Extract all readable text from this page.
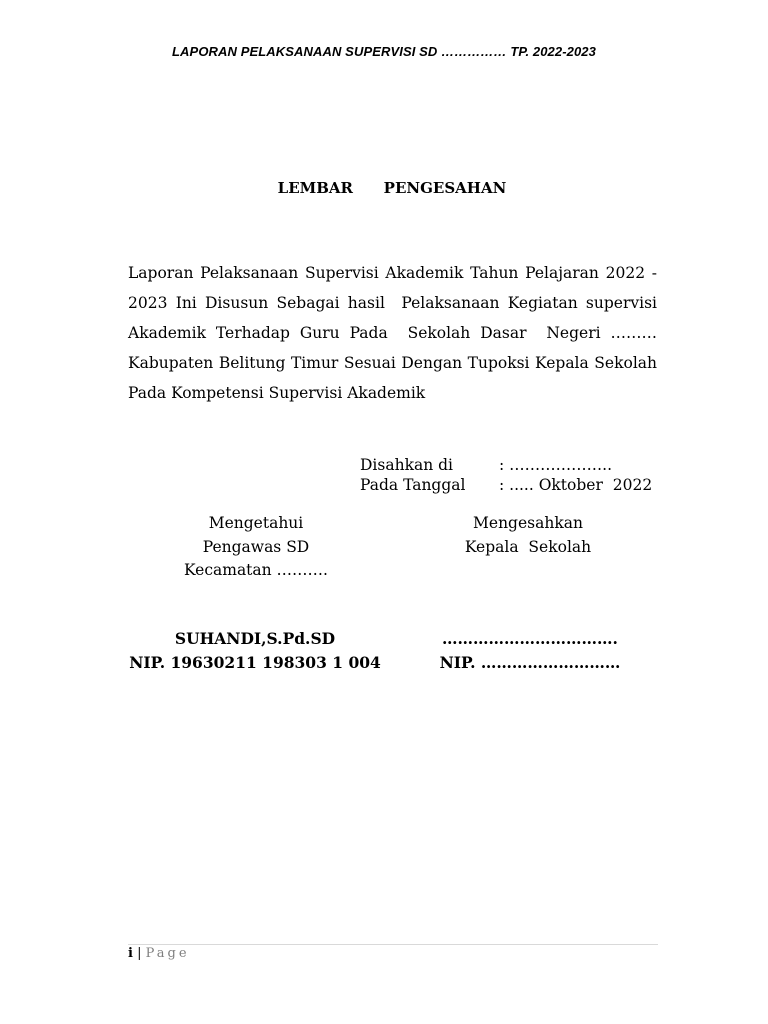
LAPORAN PELAKSANAAN SUPERVISI SD …………… TP. 2022-2023
LEMBAR   PENGESAHAN

Laporan Pelaksanaan Supervisi Akademik Tahun Pelajaran 2022 - 2023 Ini Disusun Sebagai hasil  Pelaksanaan Kegiatan supervisi Akademik Terhadap Guru Pada  Sekolah Dasar  Negeri ……… Kabupaten Belitung Timur Sesuai Dengan Tupoksi Kepala Sekolah Pada Kompetensi Supervisi Akademik

Disahkan di	: ………………..
Pada Tanggal : ..... Oktober  2022
Mengetahui
Pengawas SD
Kecamatan ……….
Mengesahkan
Kepala  Sekolah
SUHANDI,S.Pd.SD
NIP. 19630211 198303 1 004
…………………………….
NIP. ………………………
i | Page
